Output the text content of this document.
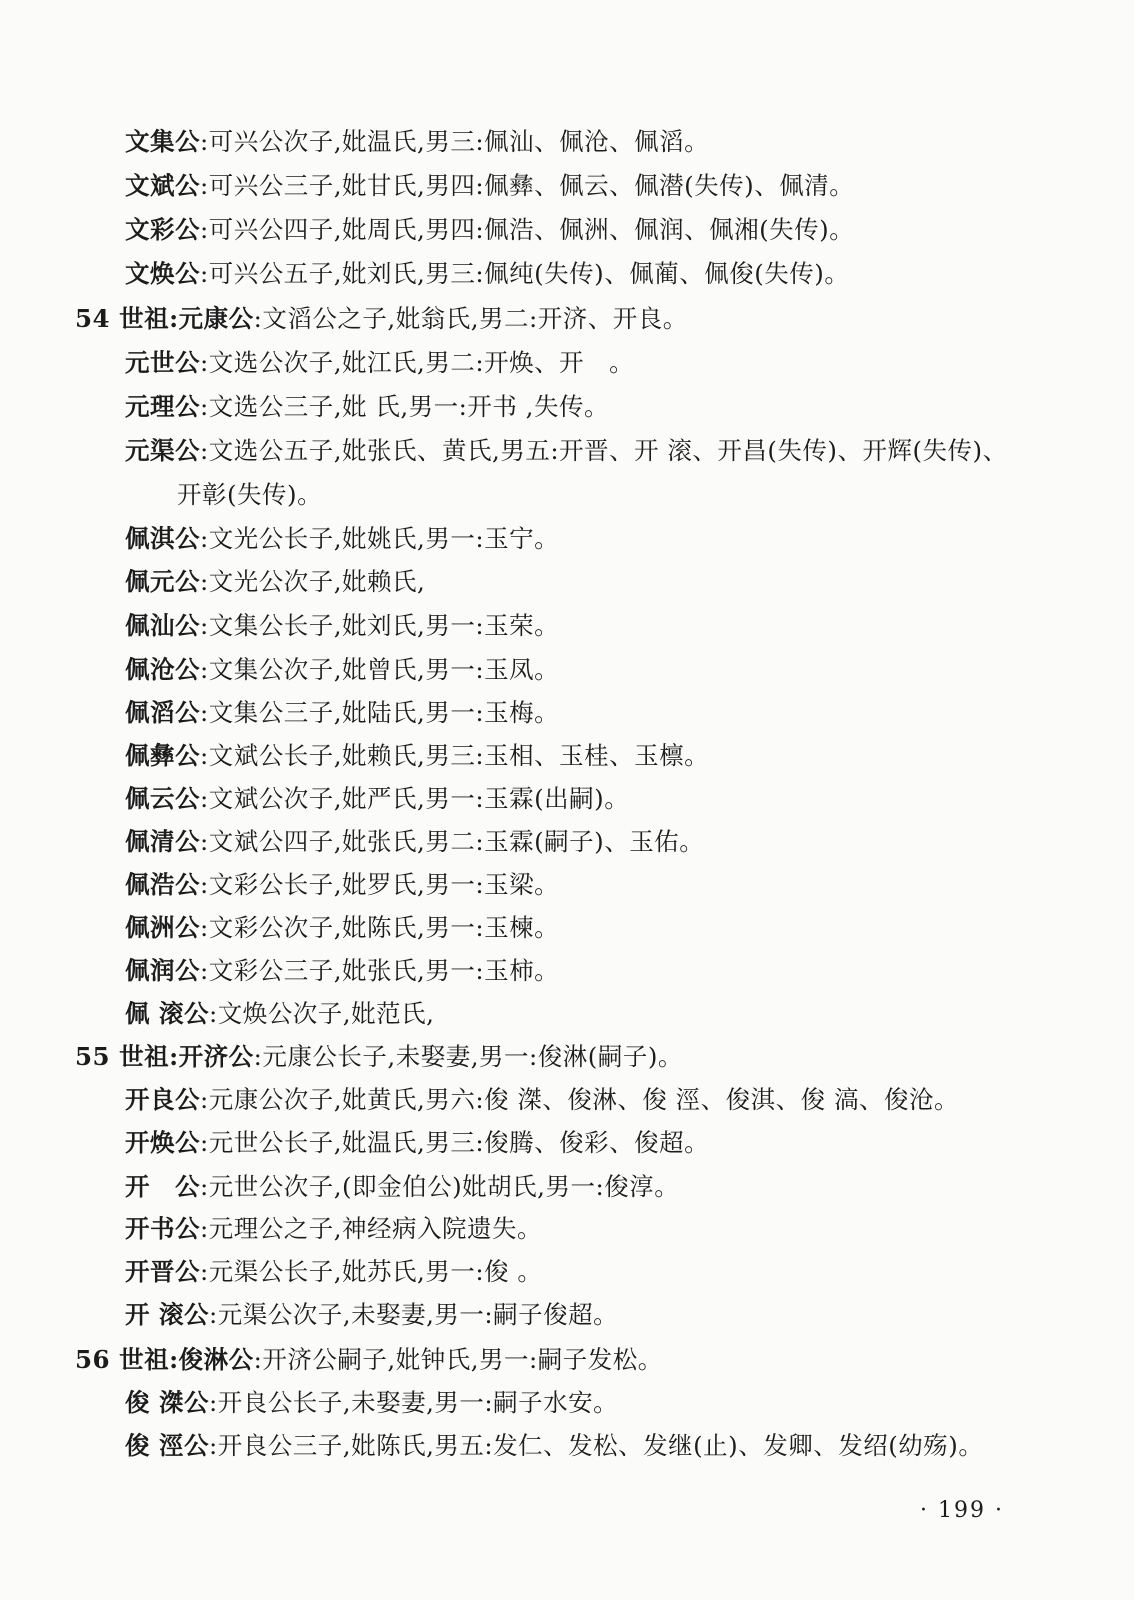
文集公:可兴公次子,妣温氏,男三:佩汕、佩沧、佩滔。
文斌公:可兴公三子,妣甘氏,男四:佩彝、佩云、佩潜(失传)、佩清。
文彩公:可兴公四子,妣周氏,男四:佩浩、佩洲、佩润、佩湘(失传)。
文焕公:可兴公五子,妣刘氏,男三:佩纯(失传)、佩蔺、佩俊(失传)。
54 世祖:元康公:文滔公之子,妣翁氏,男二:开济、开良。
元世公:文选公次子,妣江氏,男二:开焕、开　。
元理公:文选公三子,妣 氏,男一:开书 ,失传。
元渠公:文选公五子,妣张氏、黄氏,男五:开晋、开 滚、开昌(失传)、开辉(失传)、
开彰(失传)。
佩淇公:文光公长子,妣姚氏,男一:玉宁。
佩元公:文光公次子,妣赖氏,
佩汕公:文集公长子,妣刘氏,男一:玉荣。
佩沧公:文集公次子,妣曾氏,男一:玉凤。
佩滔公:文集公三子,妣陆氏,男一:玉梅。
佩彝公:文斌公长子,妣赖氏,男三:玉相、玉桂、玉檩。
佩云公:文斌公次子,妣严氏,男一:玉霖(出嗣)。
佩清公:文斌公四子,妣张氏,男二:玉霖(嗣子)、玉佑。
佩浩公:文彩公长子,妣罗氏,男一:玉梁。
佩洲公:文彩公次子,妣陈氏,男一:玉楝。
佩润公:文彩公三子,妣张氏,男一:玉柿。
佩 滚公:文焕公次子,妣范氏,
55 世祖:开济公:元康公长子,未娶妻,男一:俊淋(嗣子)。
开良公:元康公次子,妣黄氏,男六:俊 滐、俊淋、俊 涇、俊淇、俊 滈、俊沧。
开焕公:元世公长子,妣温氏,男三:俊腾、俊彩、俊超。
开　公:元世公次子,(即金伯公)妣胡氏,男一:俊淳。
开书公:元理公之子,神经病入院遗失。
开晋公:元渠公长子,妣苏氏,男一:俊 。
开 滚公:元渠公次子,未娶妻,男一:嗣子俊超。
56 世祖:俊淋公:开济公嗣子,妣钟氏,男一:嗣子发松。
俊 滐公:开良公长子,未娶妻,男一:嗣子水安。
俊 涇公:开良公三子,妣陈氏,男五:发仁、发松、发继(止)、发卿、发绍(幼殇)。
· 199 ·
